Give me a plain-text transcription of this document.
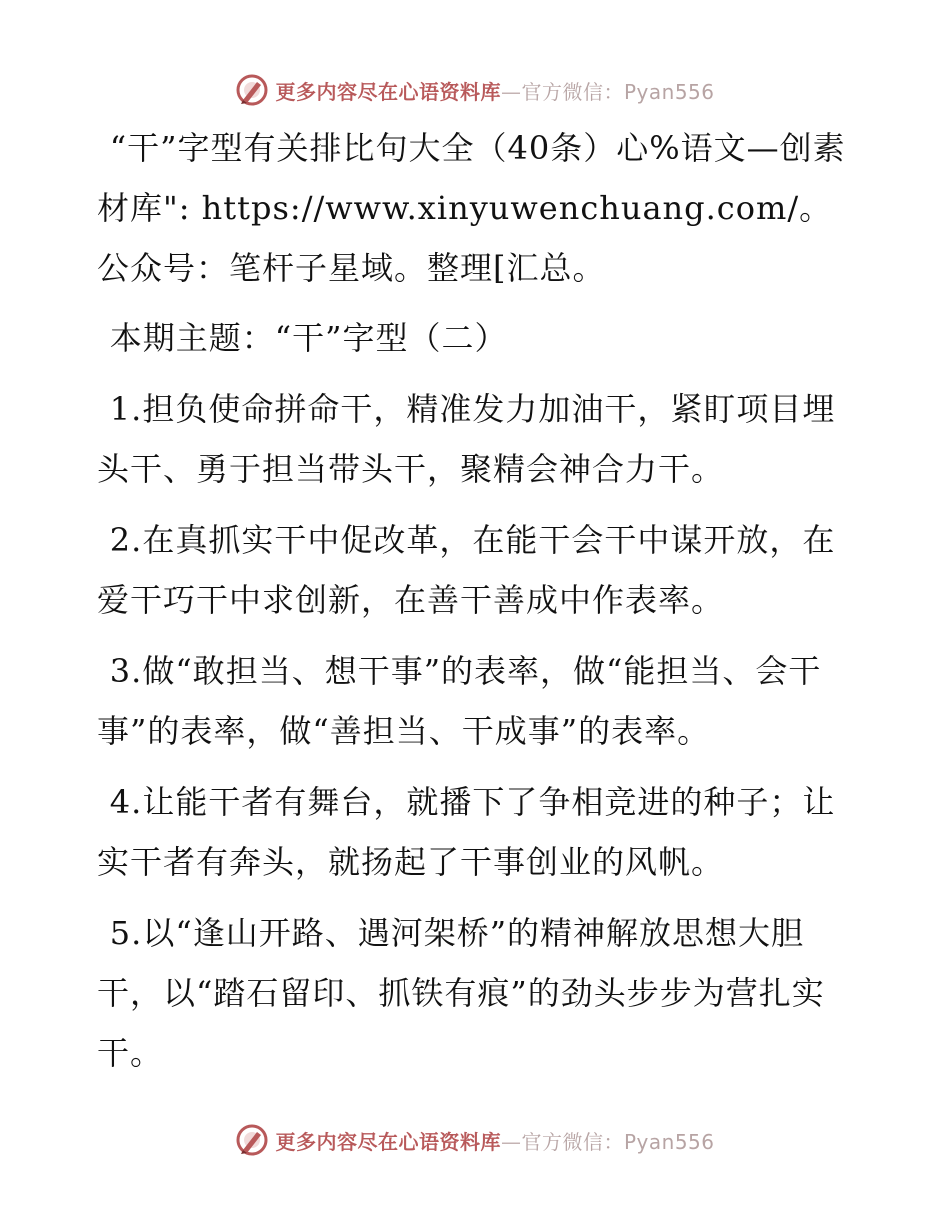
更多内容尽在心语资料库—官方微信：Pyan556

“干”字型有关排比句大全（40条）心%语文—创素材库": https://www.xinyuwenchuang.com/。公众号：笔杆子星域。整理[汇总。

本期主题：“干”字型（二）

1.担负使命拼命干，精准发力加油干，紧盯项目埋头干、勇于担当带头干，聚精会神合力干。

2.在真抓实干中促改革，在能干会干中谋开放，在爱干巧干中求创新，在善干善成中作表率。

3.做“敢担当、想干事”的表率，做“能担当、会干事”的表率，做“善担当、干成事”的表率。

4.让能干者有舞台，就播下了争相竞进的种子；让实干者有奔头，就扬起了干事创业的风帆。

5.以“逢山开路、遇河架桥”的精神解放思想大胆干，以“踏石留印、抓铁有痕”的劲头步步为营扎实干。

更多内容尽在心语资料库—官方微信：Pyan556
